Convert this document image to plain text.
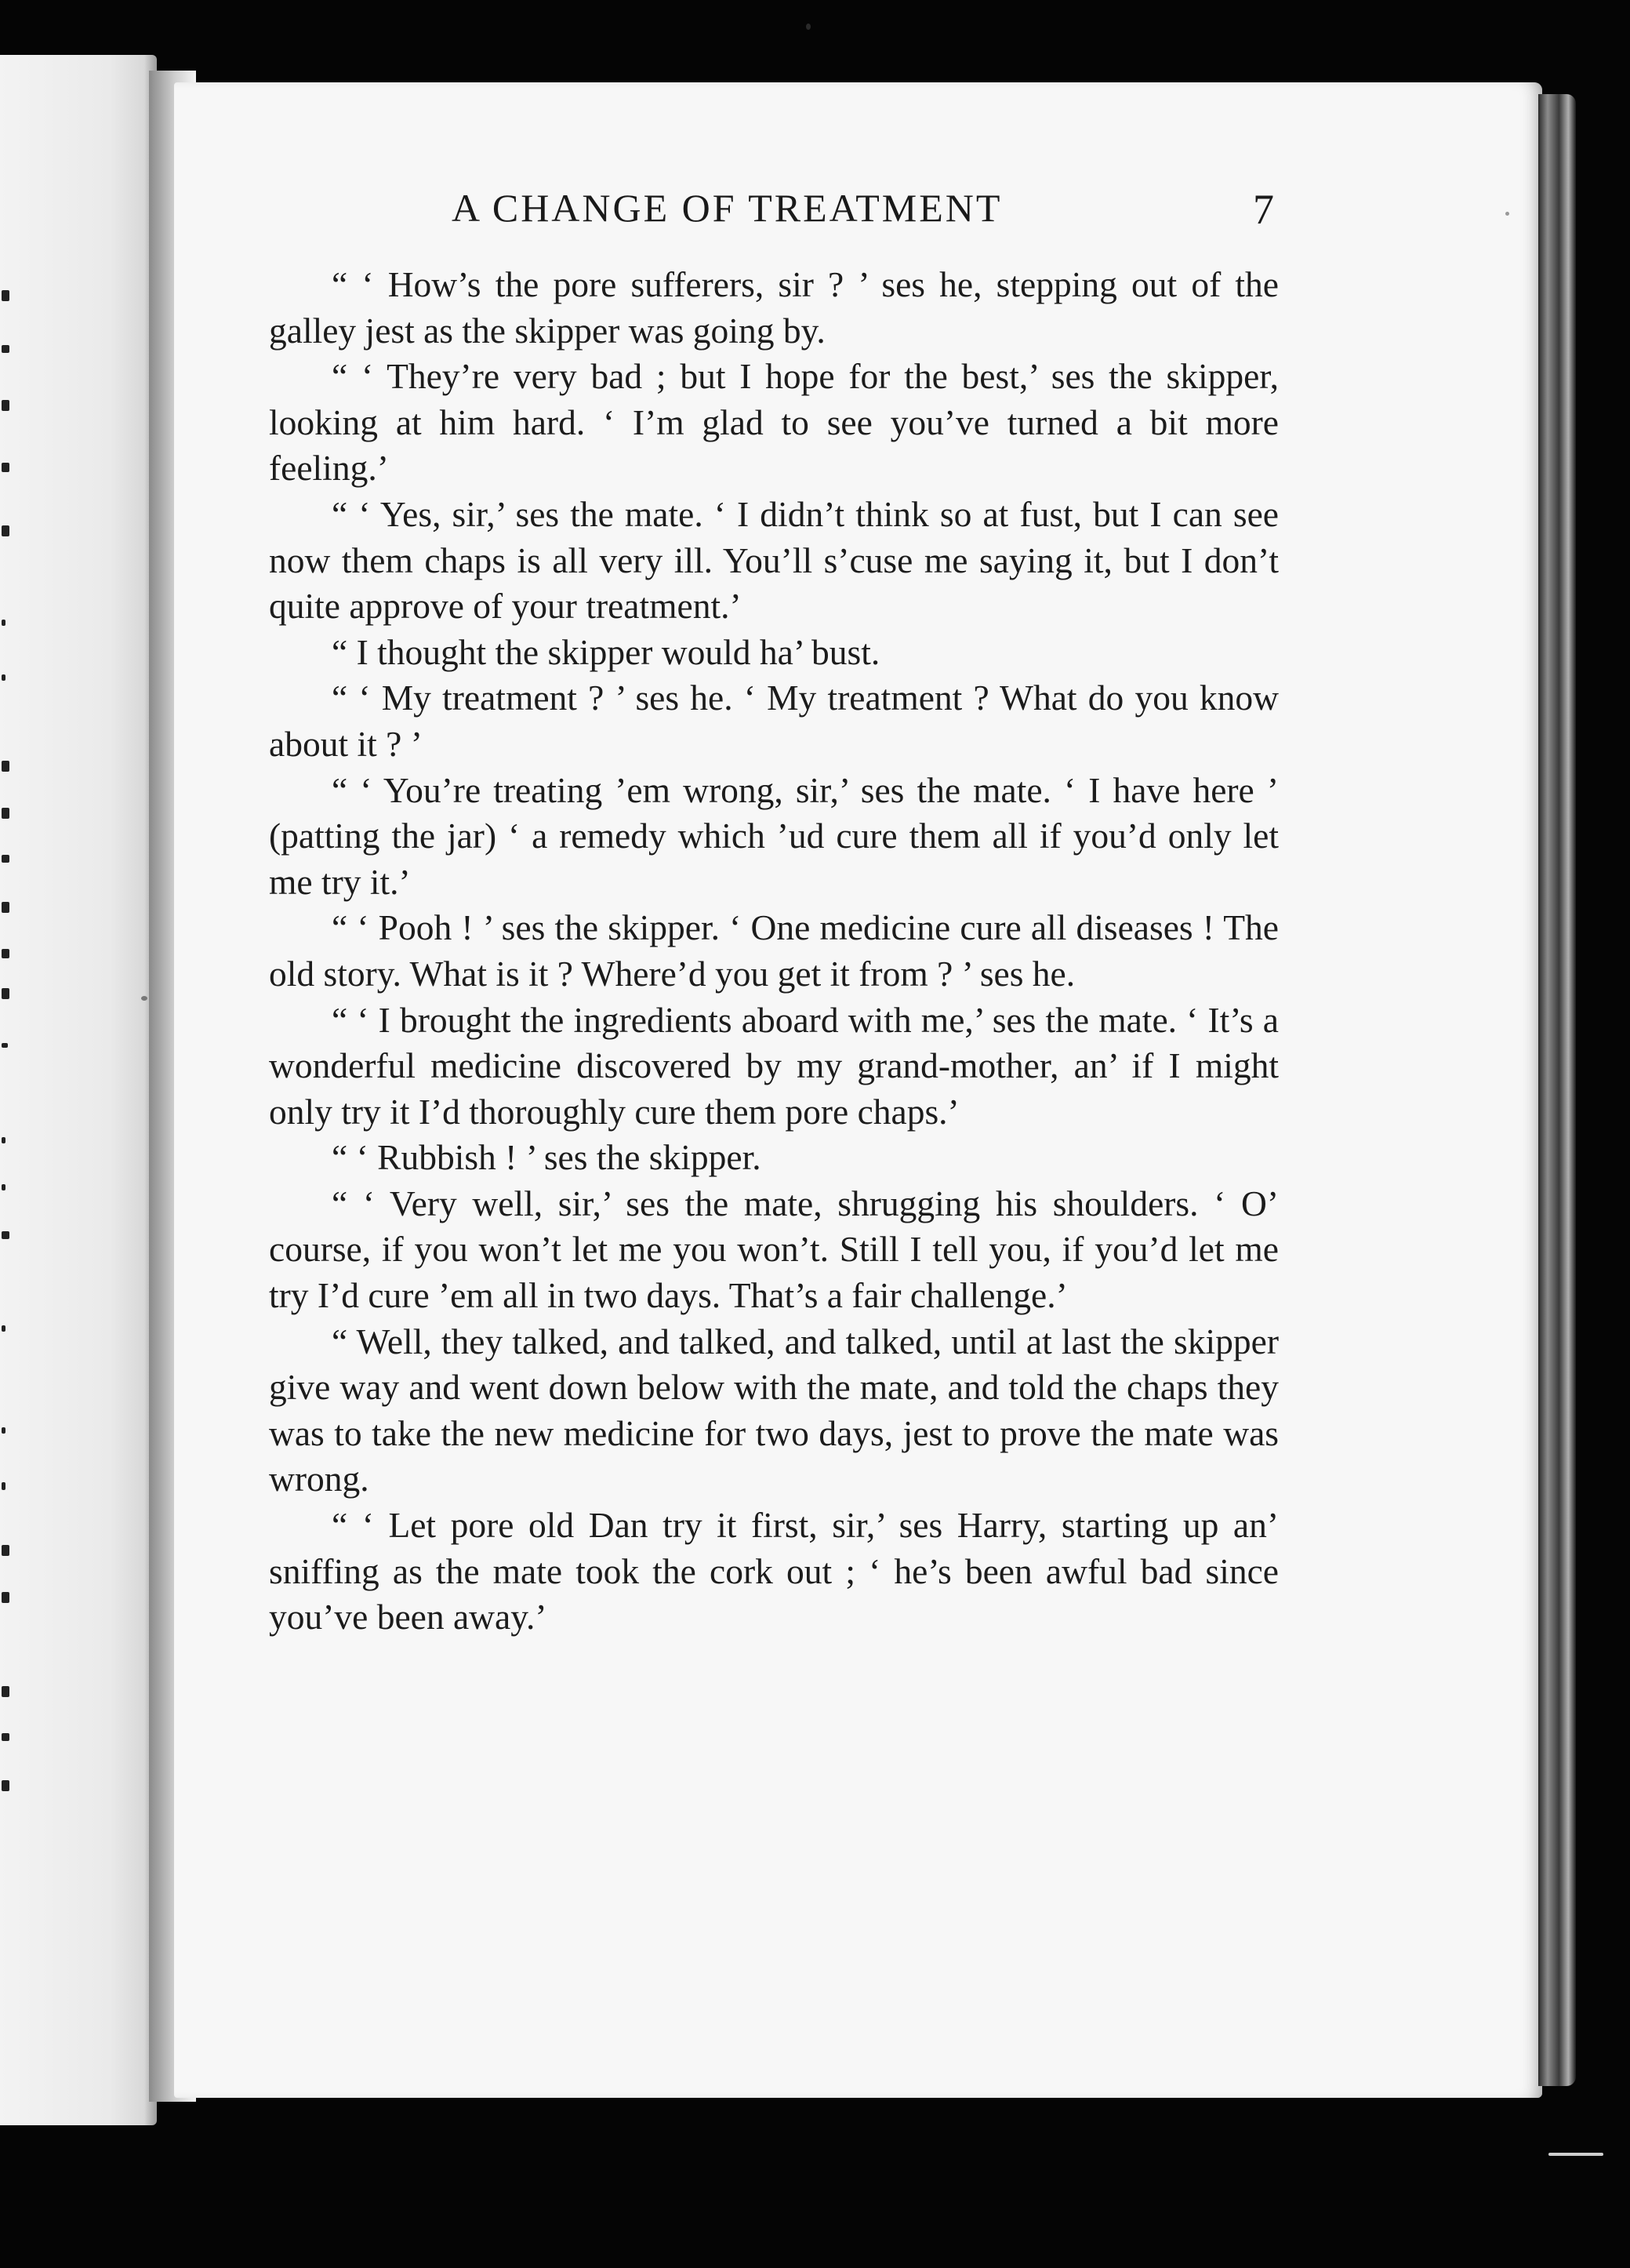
A CHANGE OF TREATMENT	7

“ ‘ How’s the pore sufferers, sir ? ’ ses he, stepping out of the galley jest as the skipper was going by.

“ ‘ They’re very bad ; but I hope for the best,’ ses the skipper, looking at him hard. ‘ I’m glad to see you’ve turned a bit more feeling.’

“ ‘ Yes, sir,’ ses the mate. ‘ I didn’t think so at fust, but I can see now them chaps is all very ill. You’ll s’cuse me saying it, but I don’t quite approve of your treatment.’

“ I thought the skipper would ha’ bust.

“ ‘ My treatment ? ’ ses he. ‘ My treatment ? What do you know about it ? ’

“ ‘ You’re treating ’em wrong, sir,’ ses the mate. ‘ I have here ’ (patting the jar) ‘ a remedy which ’ud cure them all if you’d only let me try it.’

“ ‘ Pooh ! ’ ses the skipper. ‘ One medicine cure all diseases ! The old story. What is it ? Where’d you get it from ? ’ ses he.

“ ‘ I brought the ingredients aboard with me,’ ses the mate. ‘ It’s a wonderful medicine discovered by my grand-mother, an’ if I might only try it I’d thoroughly cure them pore chaps.’

“ ‘ Rubbish ! ’ ses the skipper.

“ ‘ Very well, sir,’ ses the mate, shrugging his shoulders. ‘ O’ course, if you won’t let me you won’t. Still I tell you, if you’d let me try I’d cure ’em all in two days. That’s a fair challenge.’

“ Well, they talked, and talked, and talked, until at last the skipper give way and went down below with the mate, and told the chaps they was to take the new medicine for two days, jest to prove the mate was wrong.

“ ‘ Let pore old Dan try it first, sir,’ ses Harry, starting up an’ sniffing as the mate took the cork out ; ‘ he’s been awful bad since you’ve been away.’
